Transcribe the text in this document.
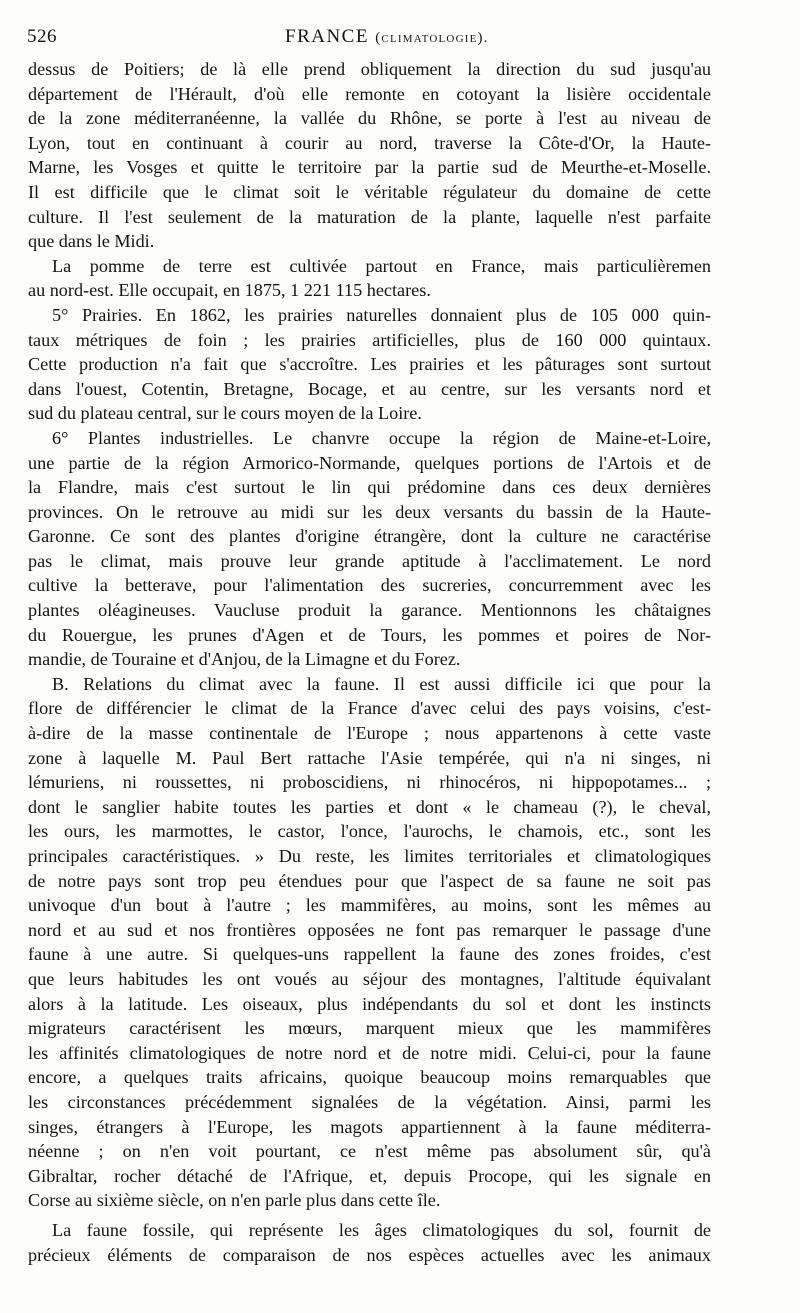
526	FRANCE (climatologie).
dessus de Poitiers; de là elle prend obliquement la direction du sud jusqu'au
département de l'Hérault, d'où elle remonte en cotoyant la lisière occidentale
de la zone méditerranéenne, la vallée du Rhône, se porte à l'est au niveau de
Lyon, tout en continuant à courir au nord, traverse la Côte-d'Or, la Haute-
Marne, les Vosges et quitte le territoire par la partie sud de Meurthe-et-Moselle.
Il est difficile que le climat soit le véritable régulateur du domaine de cette
culture. Il l'est seulement de la maturation de la plante, laquelle n'est parfaite
que dans le Midi.
La pomme de terre est cultivée partout en France, mais particulièremen
au nord-est. Elle occupait, en 1875, 1 221 115 hectares.
5° Prairies. En 1862, les prairies naturelles donnaient plus de 105 000 quin-
taux métriques de foin ; les prairies artificielles, plus de 160 000 quintaux.
Cette production n'a fait que s'accroître. Les prairies et les pâturages sont surtout
dans l'ouest, Cotentin, Bretagne, Bocage, et au centre, sur les versants nord et
sud du plateau central, sur le cours moyen de la Loire.
6° Plantes industrielles. Le chanvre occupe la région de Maine-et-Loire,
une partie de la région Armorico-Normande, quelques portions de l'Artois et de
la Flandre, mais c'est surtout le lin qui prédomine dans ces deux dernières
provinces. On le retrouve au midi sur les deux versants du bassin de la Haute-
Garonne. Ce sont des plantes d'origine étrangère, dont la culture ne caractérise
pas le climat, mais prouve leur grande aptitude à l'acclimatement. Le nord
cultive la betterave, pour l'alimentation des sucreries, concurremment avec les
plantes oléagineuses. Vaucluse produit la garance. Mentionnons les châtaignes
du Rouergue, les prunes d'Agen et de Tours, les pommes et poires de Nor-
mandie, de Touraine et d'Anjou, de la Limagne et du Forez.
B. Relations du climat avec la faune. Il est aussi difficile ici que pour la
flore de différencier le climat de la France d'avec celui des pays voisins, c'est-
à-dire de la masse continentale de l'Europe ; nous appartenons à cette vaste
zone à laquelle M. Paul Bert rattache l'Asie tempérée, qui n'a ni singes, ni
lémuriens, ni roussettes, ni proboscidiens, ni rhinocéros, ni hippopotames... ;
dont le sanglier habite toutes les parties et dont « le chameau (?), le cheval,
les ours, les marmottes, le castor, l'once, l'aurochs, le chamois, etc., sont les
principales caractéristiques. » Du reste, les limites territoriales et climatologiques
de notre pays sont trop peu étendues pour que l'aspect de sa faune ne soit pas
univoque d'un bout à l'autre ; les mammifères, au moins, sont les mêmes au
nord et au sud et nos frontières opposées ne font pas remarquer le passage d'une
faune à une autre. Si quelques-uns rappellent la faune des zones froides, c'est
que leurs habitudes les ont voués au séjour des montagnes, l'altitude équivalant
alors à la latitude. Les oiseaux, plus indépendants du sol et dont les instincts
migrateurs caractérisent les mœurs, marquent mieux que les mammifères
les affinités climatologiques de notre nord et de notre midi. Celui-ci, pour la faune
encore, a quelques traits africains, quoique beaucoup moins remarquables que
les circonstances précédemment signalées de la végétation. Ainsi, parmi les
singes, étrangers à l'Europe, les magots appartiennent à la faune méditerra-
néenne ; on n'en voit pourtant, ce n'est même pas absolument sûr, qu'à
Gibraltar, rocher détaché de l'Afrique, et, depuis Procope, qui les signale en
Corse au sixième siècle, on n'en parle plus dans cette île.
La faune fossile, qui représente les âges climatologiques du sol, fournit de
précieux éléments de comparaison de nos espèces actuelles avec les animaux
